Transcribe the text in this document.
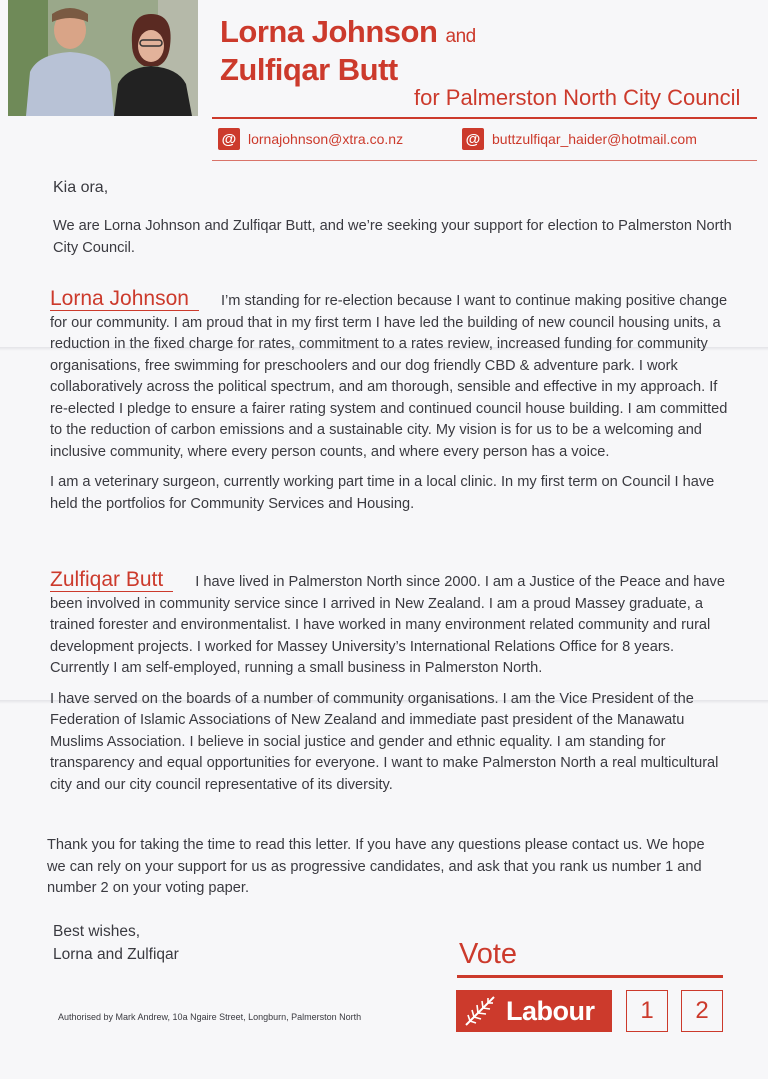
Lorna Johnson and
Zulfiqar Butt
for Palmerston North City Council
@ lornajohnson@xtra.co.nz	@ buttzulfiqar_haider@hotmail.com
Kia ora,
We are Lorna Johnson and Zulfiqar Butt, and we’re seeking your support for election to Palmerston North City Council.

Lorna Johnson I’m standing for re-election because I want to continue making positive change for our community. I am proud that in my first term I have led the building of new council housing units, a reduction in the fixed charge for rates, commitment to a rates review, increased funding for community organisations, free swimming for preschoolers and our dog friendly CBD & adventure park. I work collaboratively across the political spectrum, and am thorough, sensible and effective in my approach. If re-elected I pledge to ensure a fairer rating system and continued council house building. I am committed to the reduction of carbon emissions and a sustainable city. My vision is for us to be a welcoming and inclusive community, where every person counts, and where every person has a voice.

I am a veterinary surgeon, currently working part time in a local clinic. In my first term on Council I have held the portfolios for Community Services and Housing.

Zulfiqar Butt I have lived in Palmerston North since 2000. I am a Justice of the Peace and have been involved in community service since I arrived in New Zealand. I am a proud Massey graduate, a trained forester and environmentalist. I have worked in many environment related community and rural development projects. I worked for Massey University’s International Relations Office for 8 years. Currently I am self-employed, running a small business in Palmerston North.

I have served on the boards of a number of community organisations. I am the Vice President of the Federation of Islamic Associations of New Zealand and immediate past president of the Manawatu Muslims Association. I believe in social justice and gender and ethnic equality. I am standing for transparency and equal opportunities for everyone. I want to make Palmerston North a real multicultural city and our city council representative of its diversity.

Thank you for taking the time to read this letter. If you have any questions please contact us. We hope we can rely on your support for us as progressive candidates, and ask that you rank us number 1 and number 2 on your voting paper.
Best wishes,
Lorna and Zulfiqar
Authorised by Mark Andrew, 10a Ngaire Street, Longburn, Palmerston North
Vote
Labour	1	2
